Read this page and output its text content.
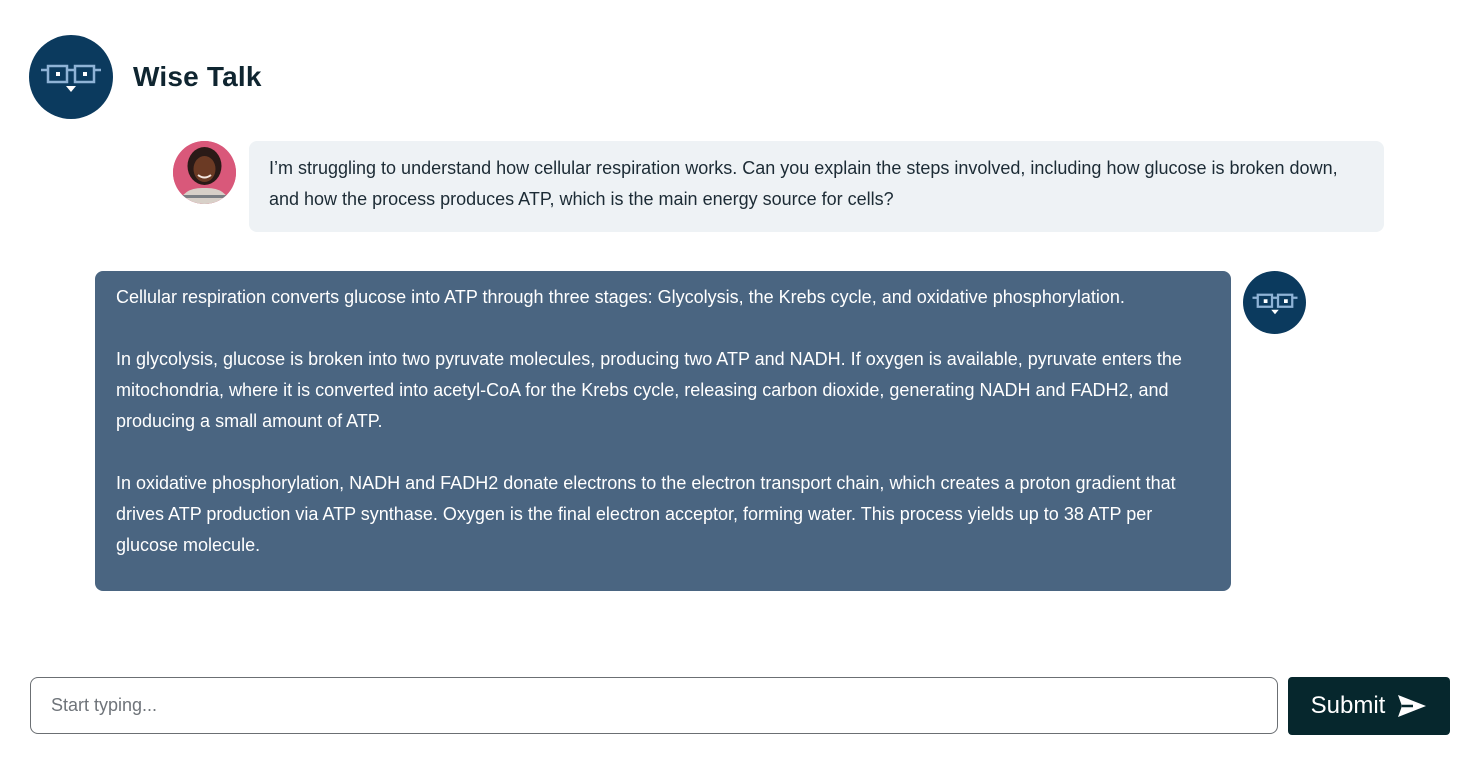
Wise Talk
I’m struggling to understand how cellular respiration works. Can you explain the steps involved, including how glucose is broken down, and how the process produces ATP, which is the main energy source for cells?

Cellular respiration converts glucose into ATP through three stages: Glycolysis, the Krebs cycle, and oxidative phosphorylation.

In glycolysis, glucose is broken into two pyruvate molecules, producing two ATP and NADH. If oxygen is available, pyruvate enters the mitochondria, where it is converted into acetyl-CoA for the Krebs cycle, releasing carbon dioxide, generating NADH and FADH2, and producing a small amount of ATP.

In oxidative phosphorylation, NADH and FADH2 donate electrons to the electron transport chain, which creates a proton gradient that drives ATP production via ATP synthase. Oxygen is the final electron acceptor, forming water. This process yields up to 38 ATP per glucose molecule.

Start typing...
Submit
